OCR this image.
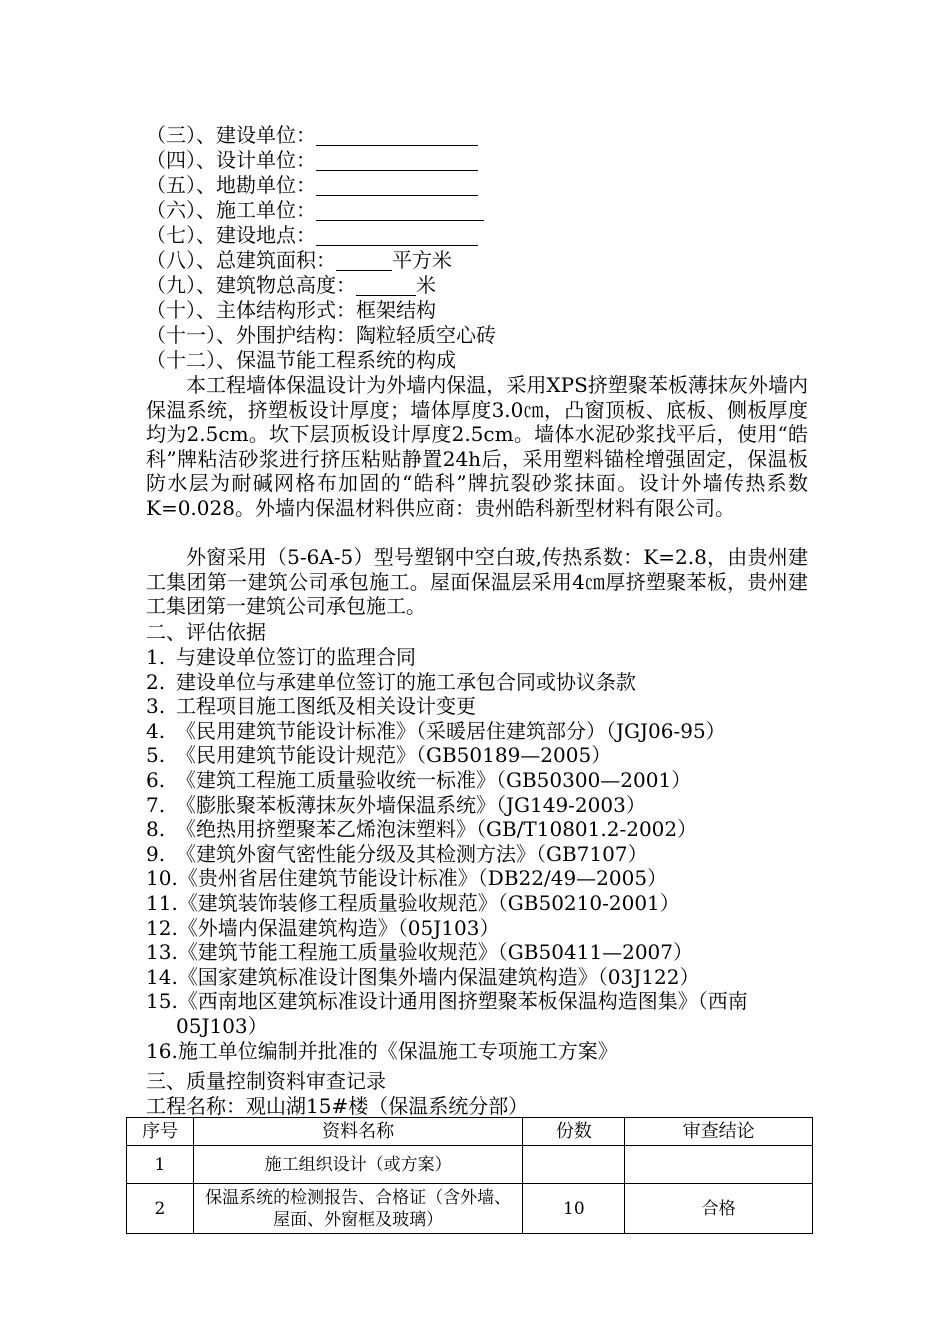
（三）、建设单位：
（四）、设计单位：
（五）、地勘单位：
（六）、施工单位：
（七）、建设地点：
（八）、总建筑面积：	平方米
（九）、建筑物总高度：	米
（十）、主体结构形式：框架结构
（十一）、外围护结构：陶粒轻质空心砖
（十二）、保温节能工程系统的构成

本工程墙体保温设计为外墙内保温，采用XPS挤塑聚苯板薄抹灰外墙内保温系统，挤塑板设计厚度；墙体厚度3.0㎝，凸窗顶板、底板、侧板厚度均为2.5cm。坎下层顶板设计厚度2.5cm。墙体水泥砂浆找平后，使用“皓科”牌粘洁砂浆进行挤压粘贴静置24h后，采用塑料锚栓增强固定，保温板防水层为耐碱网格布加固的“皓科”牌抗裂砂浆抹面。设计外墙传热系数K=0.028。外墙内保温材料供应商：贵州皓科新型材料有限公司。

外窗采用（5-6A-5）型号塑钢中空白玻,传热系数：K=2.8，由贵州建工集团第一建筑公司承包施工。屋面保温层采用4㎝厚挤塑聚苯板，贵州建工集团第一建筑公司承包施工。

二、评估依据
1. 与建设单位签订的监理合同
2. 建设单位与承建单位签订的施工承包合同或协议条款
3. 工程项目施工图纸及相关设计变更
4. 《民用建筑节能设计标准》（采暖居住建筑部分）（JGJ06-95）
5. 《民用建筑节能设计规范》（GB50189—2005）
6. 《建筑工程施工质量验收统一标准》（GB50300—2001）
7. 《膨胀聚苯板薄抹灰外墙保温系统》（JG149-2003）
8. 《绝热用挤塑聚苯乙烯泡沫塑料》（GB/T10801.2-2002）
9. 《建筑外窗气密性能分级及其检测方法》（GB7107）
10.《贵州省居住建筑节能设计标准》（DB22/49—2005）
11.《建筑装饰装修工程质量验收规范》（GB50210-2001）
12.《外墙内保温建筑构造》（05J103）
13.《建筑节能工程施工质量验收规范》（GB50411—2007）
14.《国家建筑标准设计图集外墙内保温建筑构造》（03J122）
15.《西南地区建筑标准设计通用图挤塑聚苯板保温构造图集》（西南05J103）
16.施工单位编制并批准的《保温施工专项施工方案》
三、质量控制资料审查记录
工程名称：观山湖15#楼（保温系统分部）
序号	资料名称	份数	审查结论
1	施工组织设计（或方案）		
2	保温系统的检测报告、合格证（含外墙、屋面、外窗框及玻璃）	10	合格
